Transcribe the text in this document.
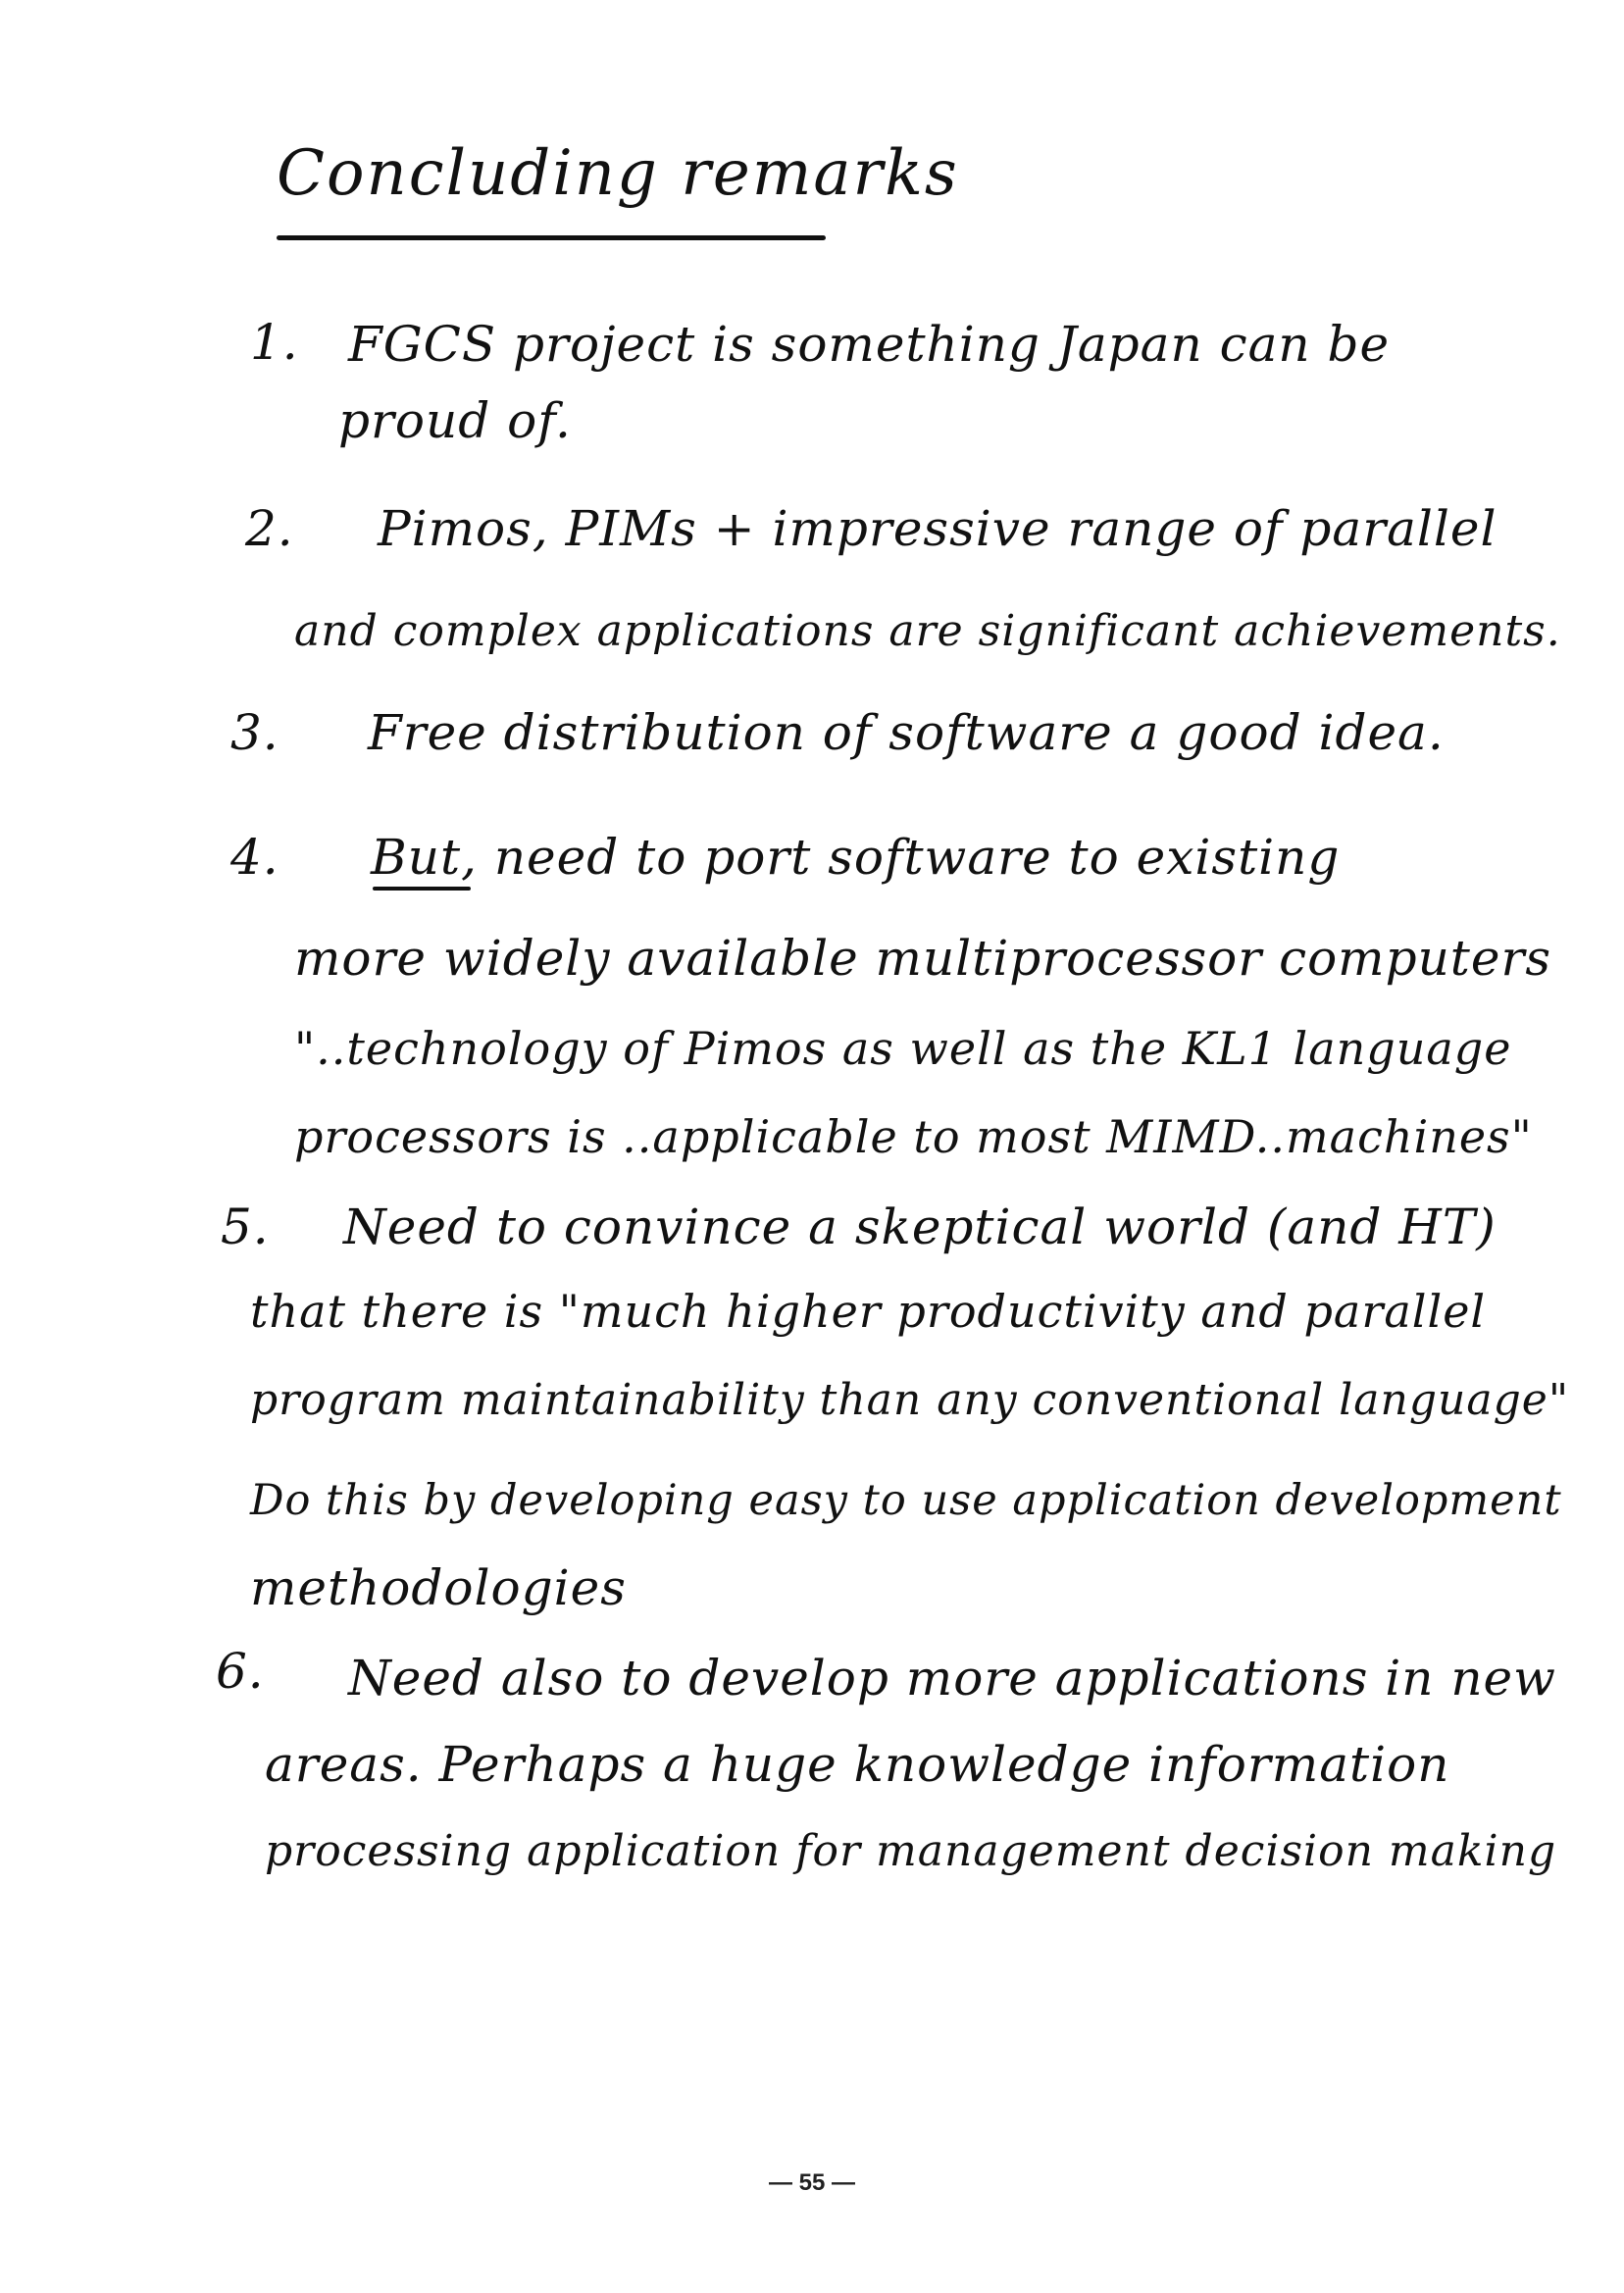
Concluding remarks
1. FGCS project is something Japan can be
proud of.
2. Pimos, PIMs + impressive range of parallel
and complex applications are significant achievements.
3. Free distribution of software a good idea.
4. But, need to port software to existing
more widely available multiprocessor computers
"..technology of Pimos as well as the KL1 language
processors is ..applicable to most MIMD..machines"
5. Need to convince a skeptical world (and HT)
that there is "much higher productivity and parallel
program maintainability than any conventional language"
Do this by developing easy to use application development
methodologies
6. Need also to develop more applications in new
areas. Perhaps a huge knowledge information
processing application for management decision making
— 55 —
